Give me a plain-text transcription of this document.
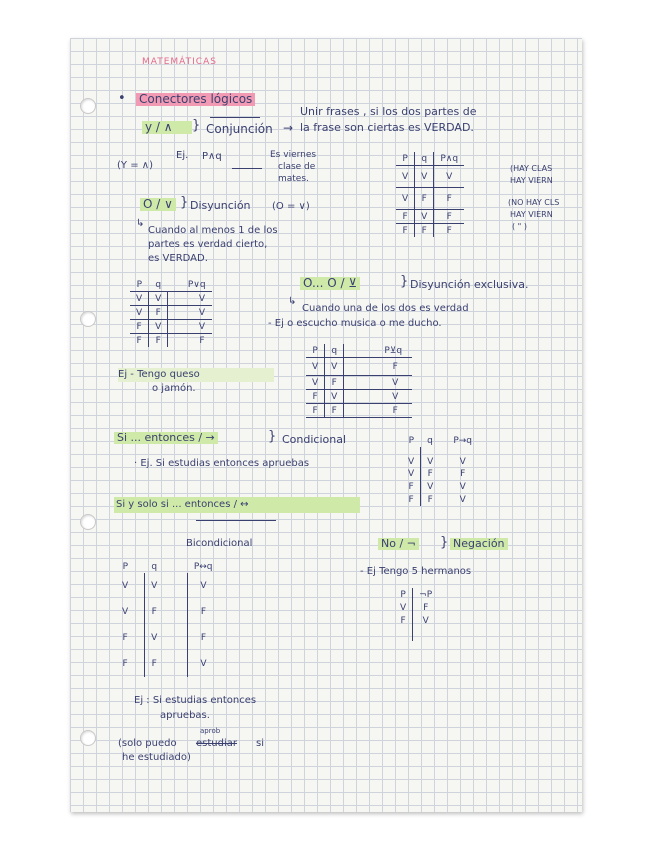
MATEMÁTICAS
• Conectores lógicos
y / ∧	} Conjunción →
Unir frases , si los dos partes de
la frase son ciertas es VERDAD.
(Y = ∧)
Ej. P∧q	Es viernes
clase de
mates.
P	q	P∧q
V	V	V
V	F	F
F	V	F
F	F	F
(HAY CLAS
HAY VIERN
(NO HAY CLS
HAY VIERN
( " )
O / ∨ } Disyunción (O = ∨)
↳
Cuando al menos 1 de los
partes es verdad cierto,
es VERDAD.
P	q	P∨q
V	V	V
V	F	V
F	V	V
F	F	F
Ej - Tengo queso
o jamón.
O... O / ⊻	} Disyunción exclusiva.
↳
Cuando una de los dos es verdad
- Ej o escucho musica o me ducho.
P	q	P⊻q
V	V	F
V	F	V
F	V	V
F	F	F
Si ... entonces / →	} Condicional
· Ej. Si estudias entonces apruebas
P	q	P→q
V	V	V
V	F	F
F	V	V
F	F	V
Si y solo si ... entonces / ↔
Bicondicional
P	q	P↔q
V	V	V
V	F	F
F	V	F
F	F	V
Ej : Si estudias entonces
apruebas.
aprob
(solo puedo estudiar si
he estudiado)
No / ¬ } Negación
- Ej Tengo 5 hermanos
P	¬P
V	F
F	V
